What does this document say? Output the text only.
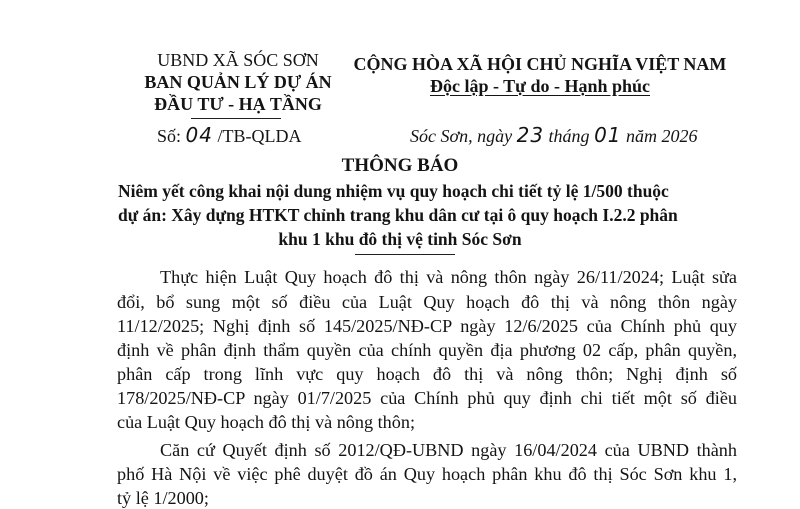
UBND XÃ SÓC SƠN
BAN QUẢN LÝ DỰ ÁN
ĐẦU TƯ - HẠ TẦNG
Số: 04 /TB-QLDA
CỘNG HÒA XÃ HỘI CHỦ NGHĨA VIỆT NAM
Độc lập - Tự do - Hạnh phúc
Sóc Sơn, ngày 23 tháng 01 năm 2026
THÔNG BÁO
Niêm yết công khai nội dung nhiệm vụ quy hoạch chi tiết tỷ lệ 1/500 thuộc
dự án: Xây dựng HTKT chỉnh trang khu dân cư tại ô quy hoạch I.2.2 phân
khu 1 khu đô thị vệ tinh Sóc Sơn
Thực hiện Luật Quy hoạch đô thị và nông thôn ngày 26/11/2024; Luật sửa
đổi, bổ sung một số điều của Luật Quy hoạch đô thị và nông thôn ngày
11/12/2025; Nghị định số 145/2025/NĐ-CP ngày 12/6/2025 của Chính phủ quy
định về phân định thẩm quyền của chính quyền địa phương 02 cấp, phân quyền,
phân cấp trong lĩnh vực quy hoạch đô thị và nông thôn; Nghị định số
178/2025/NĐ-CP ngày 01/7/2025 của Chính phủ quy định chi tiết một số điều
của Luật Quy hoạch đô thị và nông thôn;
Căn cứ Quyết định số 2012/QĐ-UBND ngày 16/04/2024 của UBND thành
phố Hà Nội về việc phê duyệt đồ án Quy hoạch phân khu đô thị Sóc Sơn khu 1,
tỷ lệ 1/2000;
